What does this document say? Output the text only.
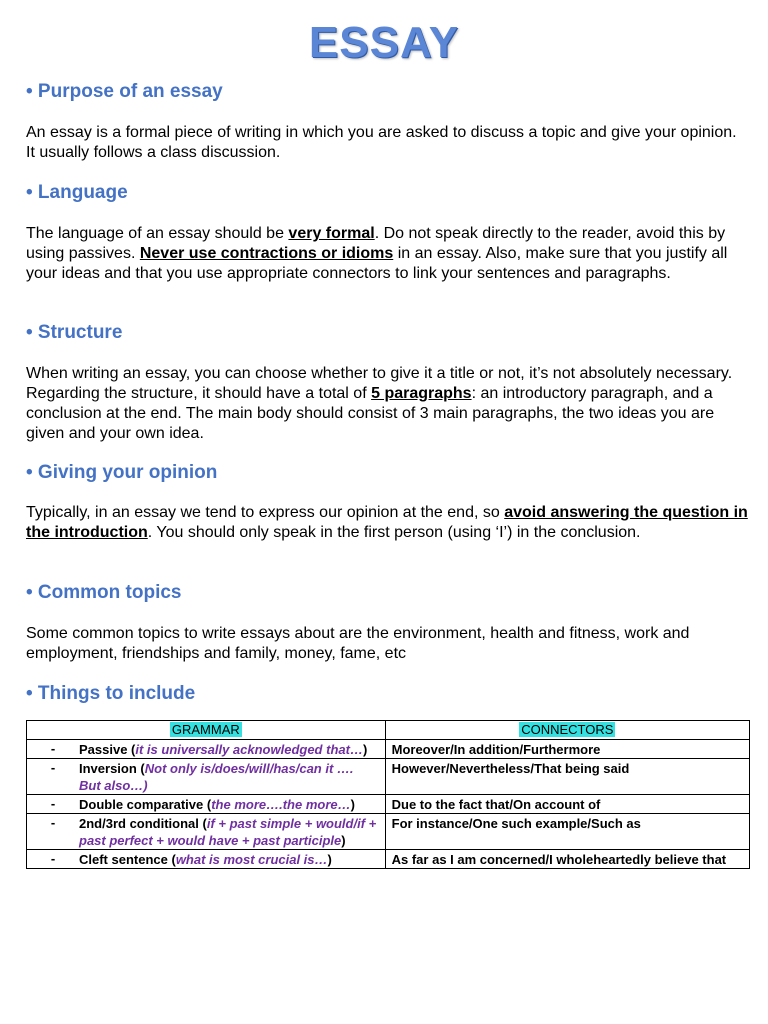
ESSAY
• Purpose of an essay
An essay is a formal piece of writing in which you are asked to discuss a topic and give your opinion. It usually follows a class discussion.
• Language
The language of an essay should be very formal. Do not speak directly to the reader, avoid this by using passives. Never use contractions or idioms in an essay. Also, make sure that you justify all your ideas and that you use appropriate connectors to link your sentences and paragraphs.
• Structure
When writing an essay, you can choose whether to give it a title or not, it’s not absolutely necessary. Regarding the structure, it should have a total of 5 paragraphs: an introductory paragraph, and a conclusion at the end. The main body should consist of 3 main paragraphs, the two ideas you are given and your own idea.
• Giving your opinion
Typically, in an essay we tend to express our opinion at the end, so avoid answering the question in the introduction. You should only speak in the first person (using ‘I’) in the conclusion.
• Common topics
Some common topics to write essays about are the environment, health and fitness, work and employment, friendships and family, money, fame, etc
• Things to include
GRAMMAR	CONNECTORS

- Passive (it is universally acknowledged that…)	Moreover/In addition/Furthermore

- Inversion (Not only is/does/will/has/can it …. But also…)	However/Nevertheless/That being said

- Double comparative (the more….the more…)	Due to the fact that/On account of

- 2nd/3rd conditional (if + past simple + would/if + past perfect + would have + past participle)	For instance/One such example/Such as

- Cleft sentence (what is most crucial is…)	As far as I am concerned/I wholeheartedly believe that
